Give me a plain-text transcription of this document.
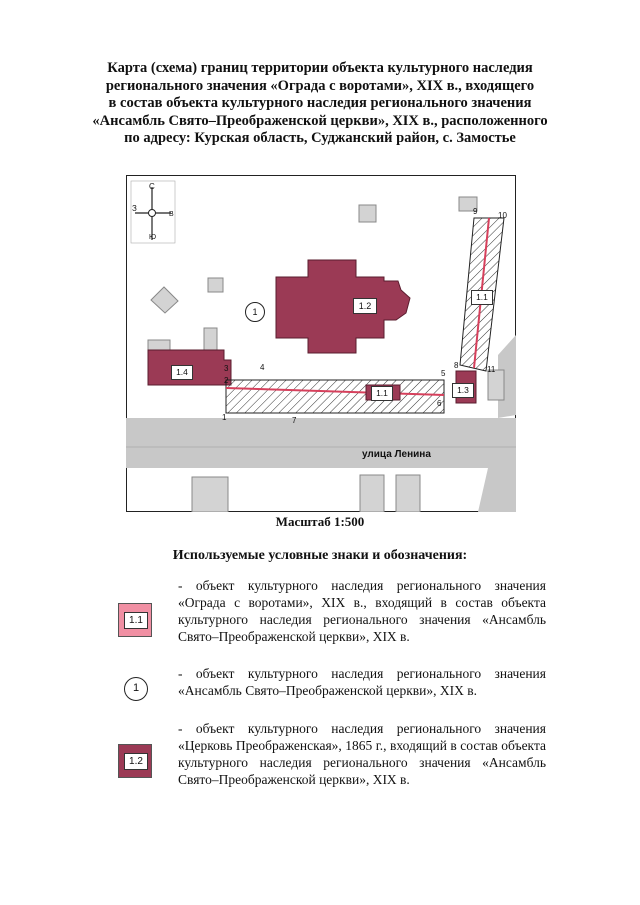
Карта (схема) границ территории объекта культурного наследия
регионального значения «Ограда с воротами», XIX в., входящего
в состав объекта культурного наследия регионального значения
«Ансамбль Свято–Преображенской церкви», XIX в., расположенного
по адресу: Курская область, Суджанский район, с. Замостье
С
З
В
Ю
1.2
1.1
1.1
1.4
1.3
1
1
2
3	4
5
6
7
8
9	10
11
улица Ленина
Масштаб 1:500
Используемые условные знаки и обозначения:
1.1
- объект культурного наследия регионального значения «Ограда с воротами», XIX в., входящий в состав объекта культурного наследия регионального значения «Ансамбль Свято–Преображенской церкви», XIX в.
1
- объект культурного наследия регионального значения «Ансамбль Свято–Преображенской церкви», XIX в.
1.2
- объект культурного наследия регионального значения «Церковь Преображенская», 1865 г., входящий в состав объекта культурного наследия регионального значения «Ансамбль Свято–Преображенской церкви», XIX в.
